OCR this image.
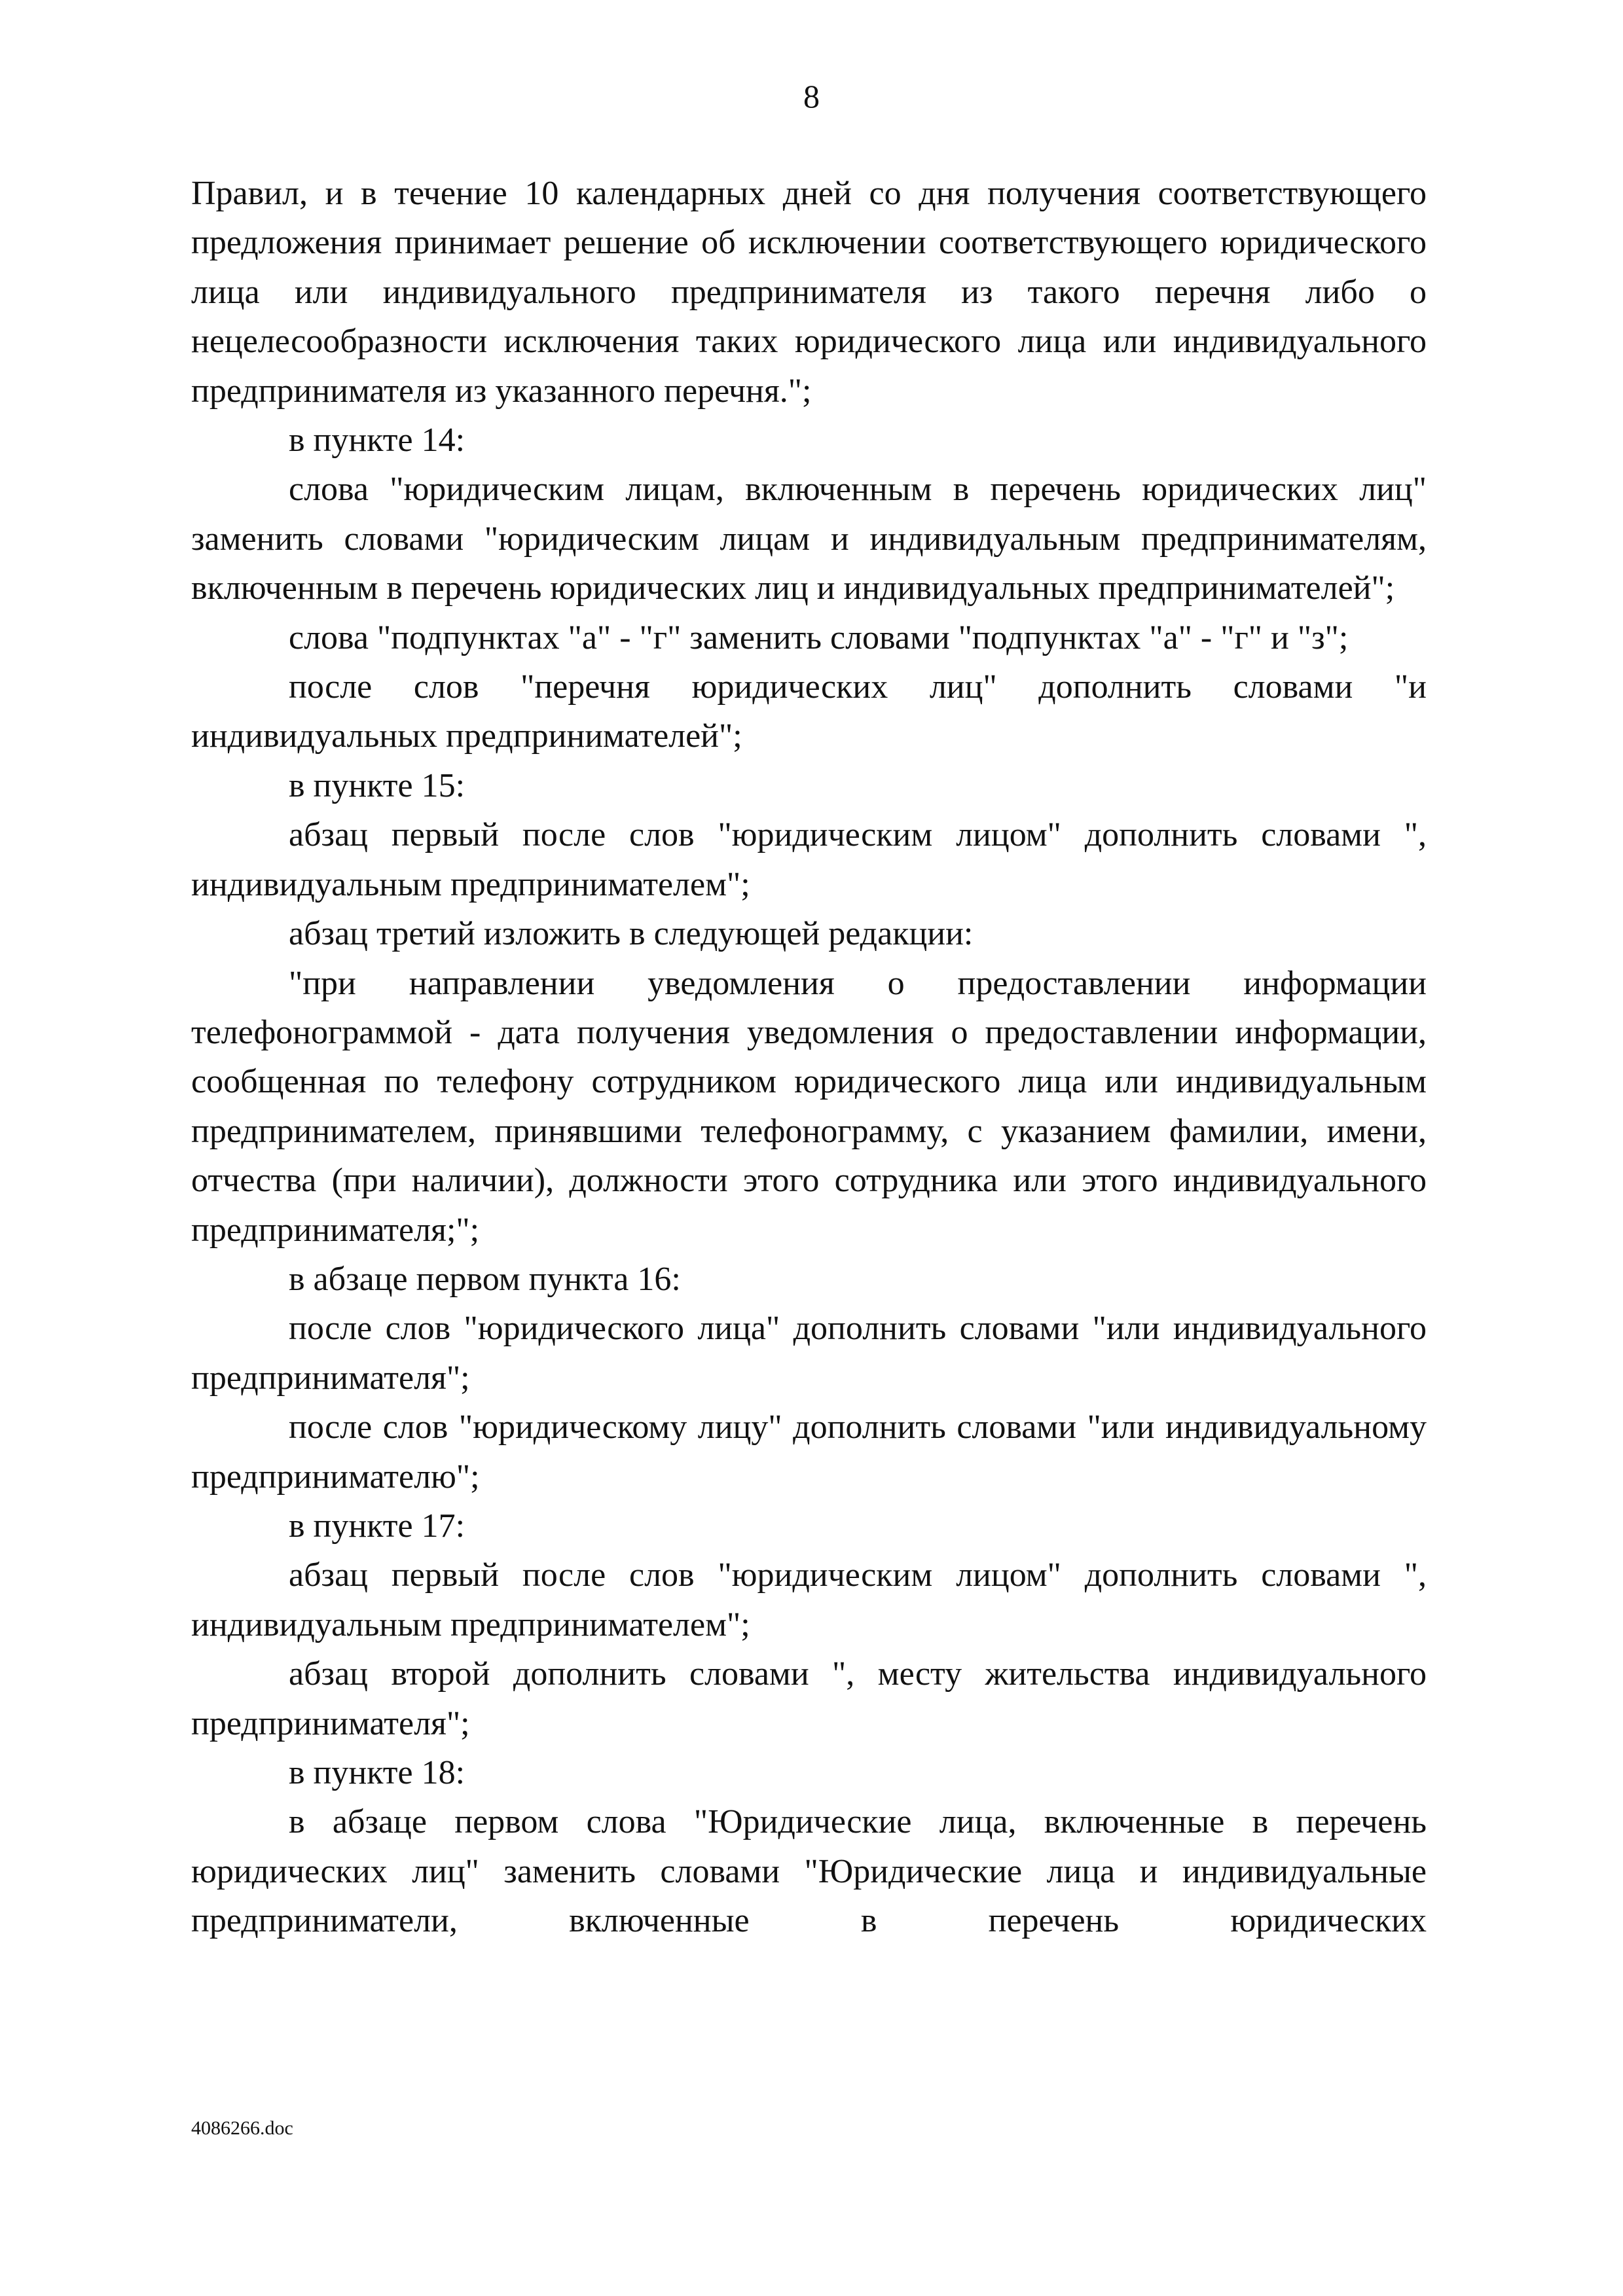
8

Правил, и в течение 10 календарных дней со дня получения соответствующего предложения принимает решение об исключении соответствующего юридического лица или индивидуального предпринимателя из такого перечня либо о нецелесообразности исключения таких юридического лица или индивидуального предпринимателя из указанного перечня.";

в пункте 14:

слова "юридическим лицам, включенным в перечень юридических лиц" заменить словами "юридическим лицам и индивидуальным предпринимателям, включенным в перечень юридических лиц и индивидуальных предпринимателей";

слова "подпунктах "а" - "г" заменить словами "подпунктах "а" - "г" и "з";

после слов "перечня юридических лиц" дополнить словами "и индивидуальных предпринимателей";

в пункте 15:

абзац первый после слов "юридическим лицом" дополнить словами ", индивидуальным предпринимателем";

абзац третий изложить в следующей редакции:

"при направлении уведомления о предоставлении информации телефонограммой - дата получения уведомления о предоставлении информации, сообщенная по телефону сотрудником юридического лица или индивидуальным предпринимателем, принявшими телефонограмму, с указанием фамилии, имени, отчества (при наличии), должности этого сотрудника или этого индивидуального предпринимателя;";

в абзаце первом пункта 16:

после слов "юридического лица" дополнить словами "или индивидуального предпринимателя";

после слов "юридическому лицу" дополнить словами "или индивидуальному предпринимателю";

в пункте 17:

абзац первый после слов "юридическим лицом" дополнить словами ", индивидуальным предпринимателем";

абзац второй дополнить словами ", месту жительства индивидуального предпринимателя";

в пункте 18:

в абзаце первом слова "Юридические лица, включенные в перечень юридических лиц" заменить словами "Юридические лица и индивидуальные предприниматели, включенные в перечень юридических

4086266.doc
